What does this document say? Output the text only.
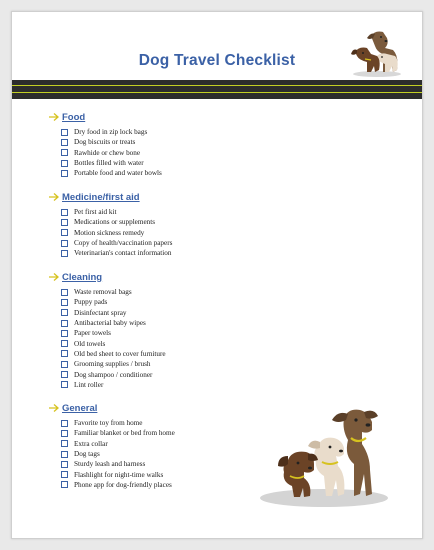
Dog Travel Checklist
Food
Dry food in zip lock bags
Dog biscuits or treats
Rawhide or chew bone
Bottles filled with water
Portable food and water bowls
Medicine/first aid
Pet first aid kit
Medications or supplements
Motion sickness remedy
Copy of health/vaccination papers
Veterinarian's contact information
Cleaning
Waste removal bags
Puppy pads
Disinfectant spray
Antibacterial baby wipes
Paper towels
Old towels
Old bed sheet to cover furniture
Grooming supplies / brush
Dog shampoo / conditioner
Lint roller
General
Favorite toy from home
Familiar blanket or bed from home
Extra collar
Dog tags
Sturdy leash and harness
Flashlight for night-time walks
Phone app for dog-friendly places
